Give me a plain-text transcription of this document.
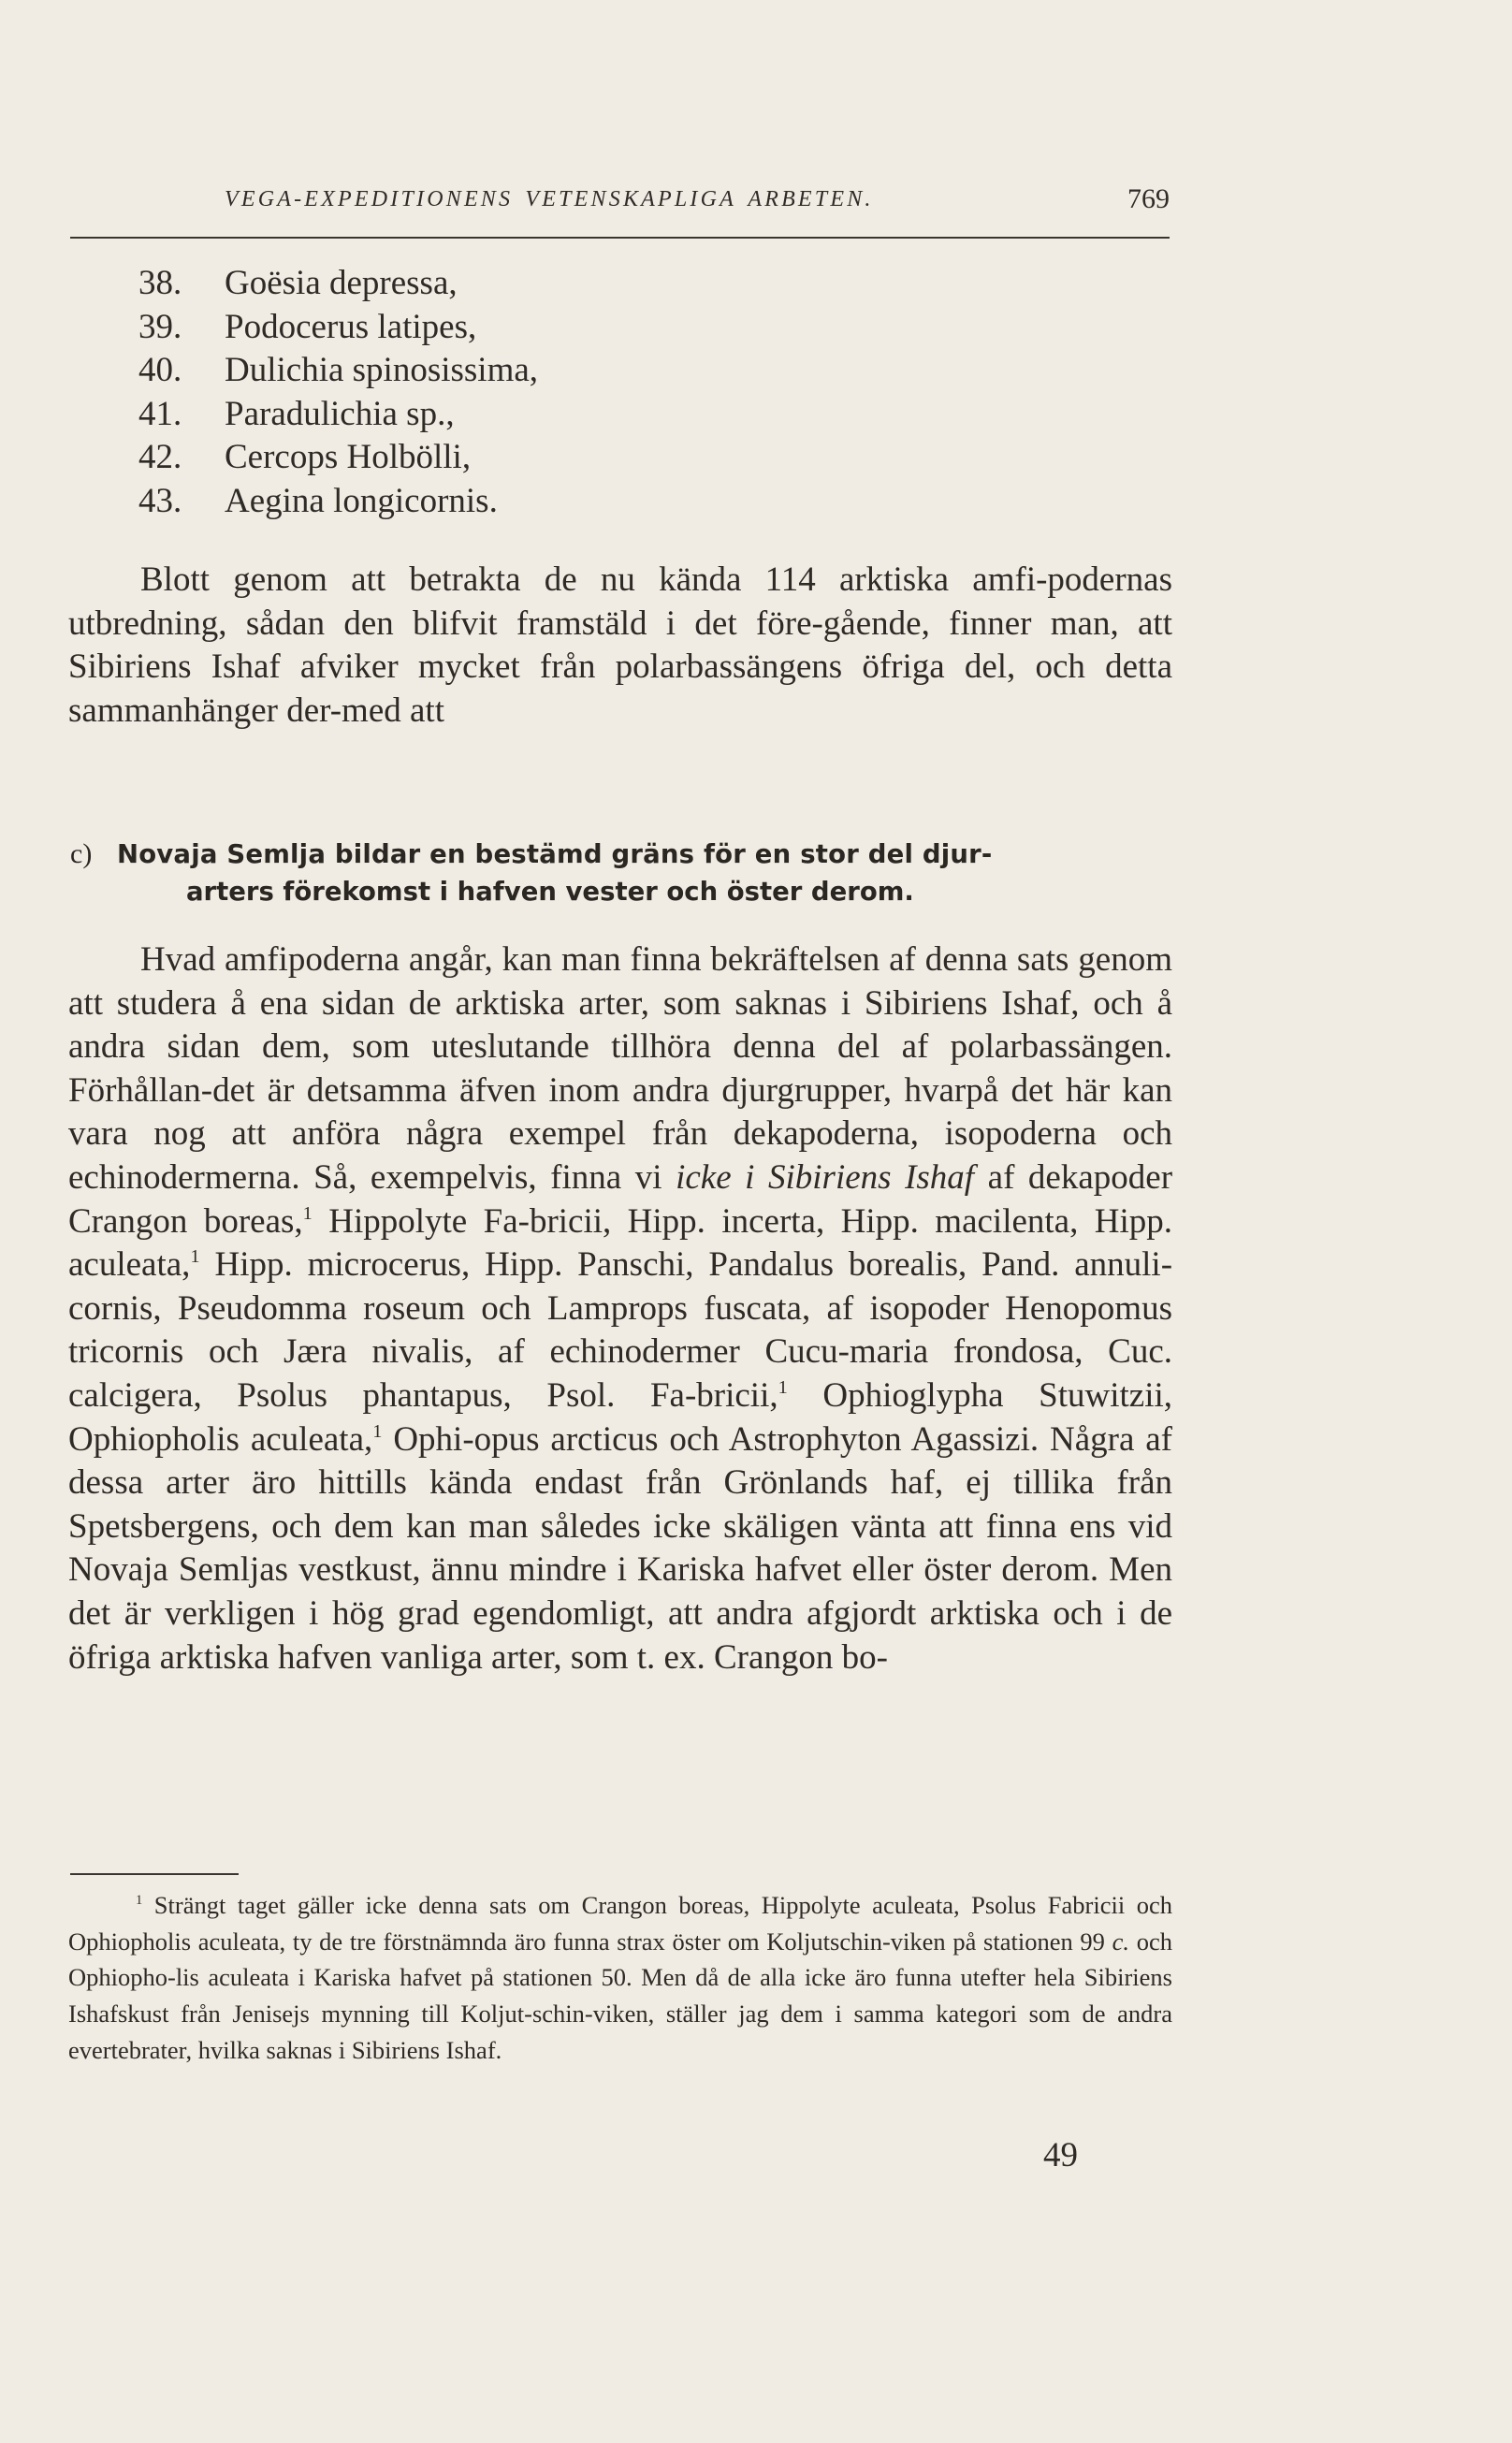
VEGA-EXPEDITIONENS VETENSKAPLIGA ARBETEN.	769
38. Goësia depressa,
39. Podocerus latipes,
40. Dulichia spinosissima,
41. Paradulichia sp.,
42. Cercops Holbölli,
43. Aegina longicornis.

Blott genom att betrakta de nu kända 114 arktiska amfi-podernas utbredning, sådan den blifvit framstäld i det före-gående, finner man, att Sibiriens Ishaf afviker mycket från polarbassängens öfriga del, och detta sammanhänger der-med att

c) Novaja Semlja bildar en bestämd gräns för en stor del djur-
arters förekomst i hafven vester och öster derom.

Hvad amfipoderna angår, kan man finna bekräftelsen af denna sats genom att studera å ena sidan de arktiska arter, som saknas i Sibiriens Ishaf, och å andra sidan dem, som uteslutande tillhöra denna del af polarbassängen. Förhållan-det är detsamma äfven inom andra djurgrupper, hvarpå det här kan vara nog att anföra några exempel från dekapoderna, isopoderna och echinodermerna. Så, exempelvis, finna vi icke i Sibiriens Ishaf af dekapoder Crangon boreas,$^1$ Hippolyte Fa-bricii, Hipp. incerta, Hipp. macilenta, Hipp. aculeata,$^1$ Hipp. microcerus, Hipp. Panschi, Pandalus borealis, Pand. annuli-cornis, Pseudomma roseum och Lamprops fuscata, af isopoder Henopomus tricornis och Jæra nivalis, af echinodermer Cucu-maria frondosa, Cuc. calcigera, Psolus phantapus, Psol. Fa-bricii,$^1$ Ophioglypha Stuwitzii, Ophiopholis aculeata,$^1$ Ophi-opus arcticus och Astrophyton Agassizi. Några af dessa arter äro hittills kända endast från Grönlands haf, ej tillika från Spetsbergens, och dem kan man således icke skäligen vänta att finna ens vid Novaja Semljas vestkust, ännu mindre i Kariska hafvet eller öster derom. Men det är verkligen i hög grad egendomligt, att andra afgjordt arktiska och i de öfriga arktiska hafven vanliga arter, som t. ex. Crangon bo-

$^1$ Strängt taget gäller icke denna sats om Crangon boreas, Hippolyte aculeata, Psolus Fabricii och Ophiopholis aculeata, ty de tre förstnämnda äro funna strax öster om Koljutschin-viken på stationen 99 c. och Ophiopho-lis aculeata i Kariska hafvet på stationen 50. Men då de alla icke äro funna utefter hela Sibiriens Ishafskust från Jenisejs mynning till Koljut-schin-viken, ställer jag dem i samma kategori som de andra evertebrater, hvilka saknas i Sibiriens Ishaf.

49
